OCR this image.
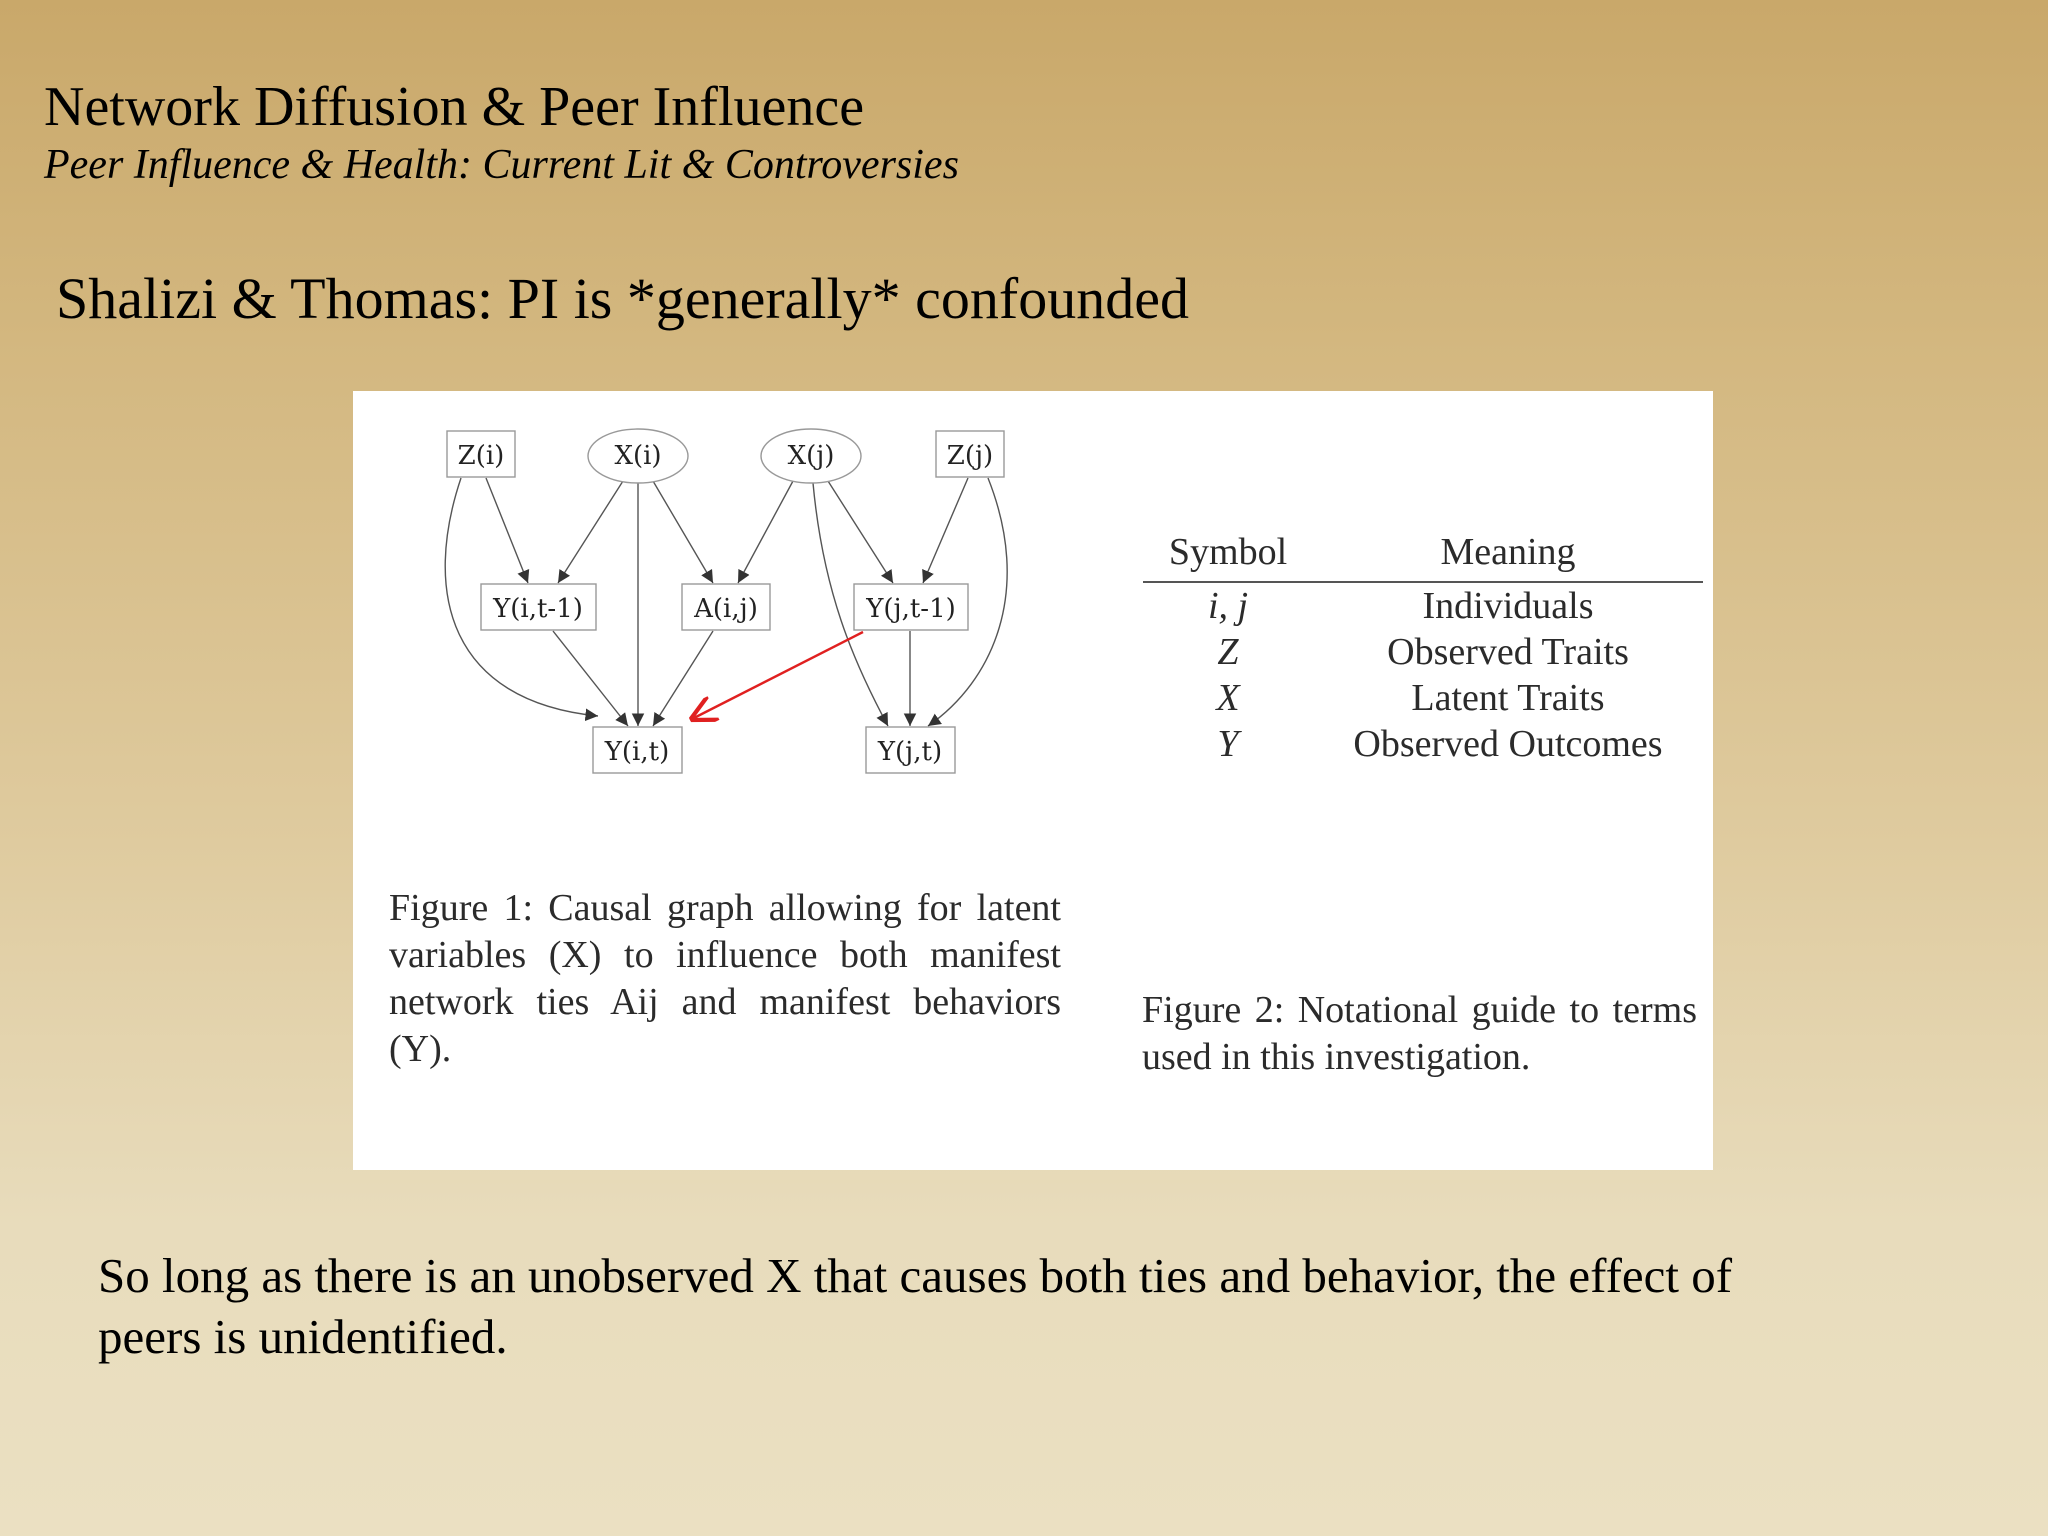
Network Diffusion & Peer Influence
Peer Influence & Health: Current Lit & Controversies
Shalizi & Thomas: PI is *generally* confounded
Z(i)	X(i)	X(j)	Z(j)
Y(i,t-1)	A(i,j)	Y(j,t-1)
Y(i,t)	Y(j,t)
Figure 1: Causal graph allowing for latent variables (X) to influence both manifest network ties Aij and manifest behaviors (Y).
Symbol	Meaning
i, j	Individuals
Z	Observed Traits
X	Latent Traits
Y	Observed Outcomes
Figure 2: Notational guide to terms used in this investigation.
So long as there is an unobserved X that causes both ties and behavior, the effect of peers is unidentified.
